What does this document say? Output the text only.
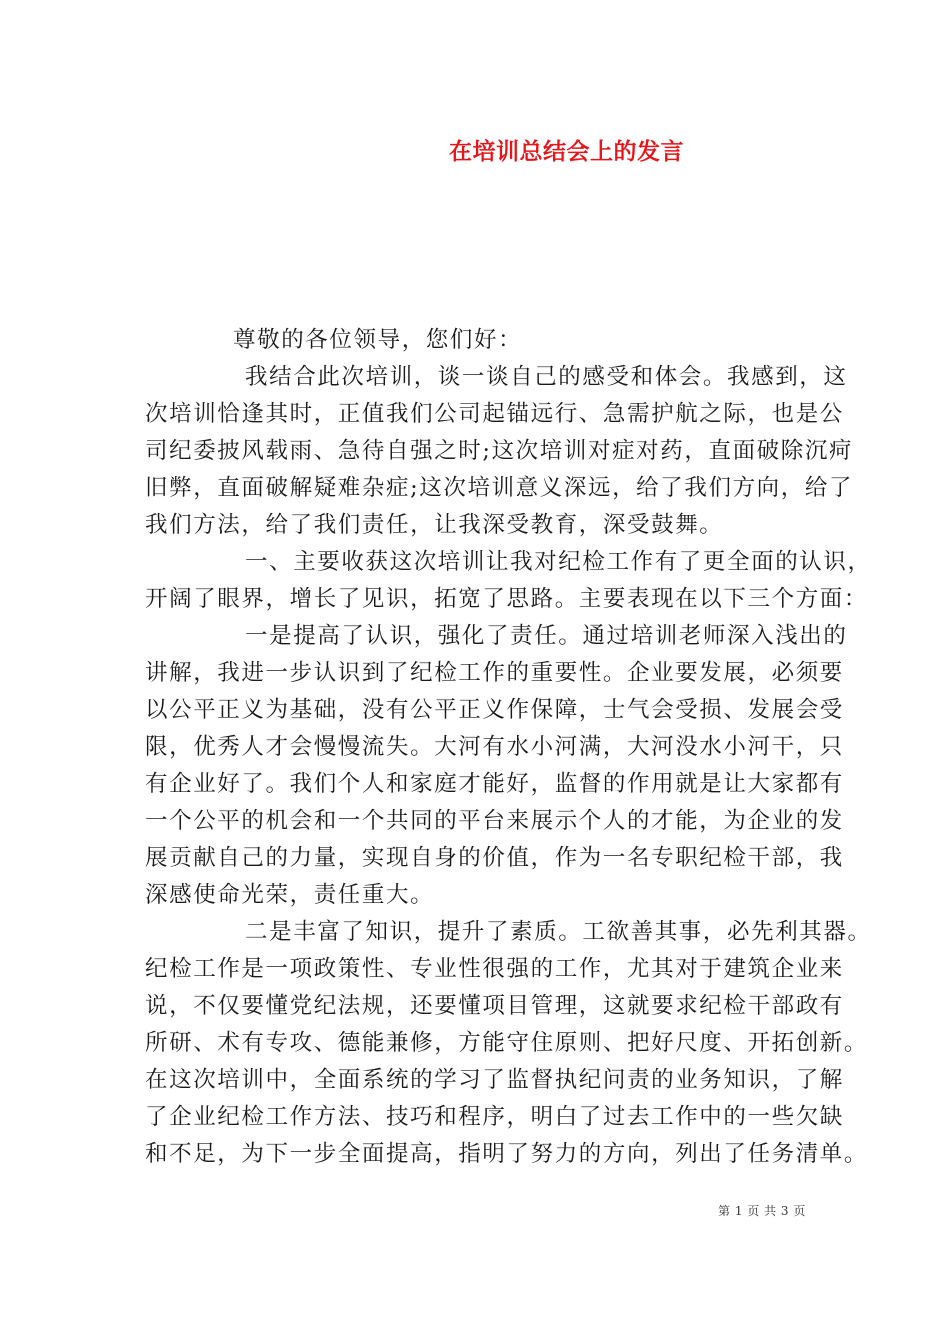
在培训总结会上的发言
尊敬的各位领导，您们好：
我结合此次培训，谈一谈自己的感受和体会。我感到，这
次培训恰逢其时，正值我们公司起锚远行、急需护航之际，也是公
司纪委披风载雨、急待自强之时;这次培训对症对药，直面破除沉疴
旧弊，直面破解疑难杂症;这次培训意义深远，给了我们方向，给了
我们方法，给了我们责任，让我深受教育，深受鼓舞。
一、主要收获这次培训让我对纪检工作有了更全面的认识，
开阔了眼界，增长了见识，拓宽了思路。主要表现在以下三个方面：
一是提高了认识，强化了责任。通过培训老师深入浅出的
讲解，我进一步认识到了纪检工作的重要性。企业要发展，必须要
以公平正义为基础，没有公平正义作保障，士气会受损、发展会受
限，优秀人才会慢慢流失。大河有水小河满，大河没水小河干，只
有企业好了。我们个人和家庭才能好，监督的作用就是让大家都有
一个公平的机会和一个共同的平台来展示个人的才能，为企业的发
展贡献自己的力量，实现自身的价值，作为一名专职纪检干部，我
深感使命光荣，责任重大。
二是丰富了知识，提升了素质。工欲善其事，必先利其器。
纪检工作是一项政策性、专业性很强的工作，尤其对于建筑企业来
说，不仅要懂党纪法规，还要懂项目管理，这就要求纪检干部政有
所研、术有专攻、德能兼修，方能守住原则、把好尺度、开拓创新。
在这次培训中，全面系统的学习了监督执纪问责的业务知识，了解
了企业纪检工作方法、技巧和程序，明白了过去工作中的一些欠缺
和不足，为下一步全面提高，指明了努力的方向，列出了任务清单。
第 1 页 共 3 页
